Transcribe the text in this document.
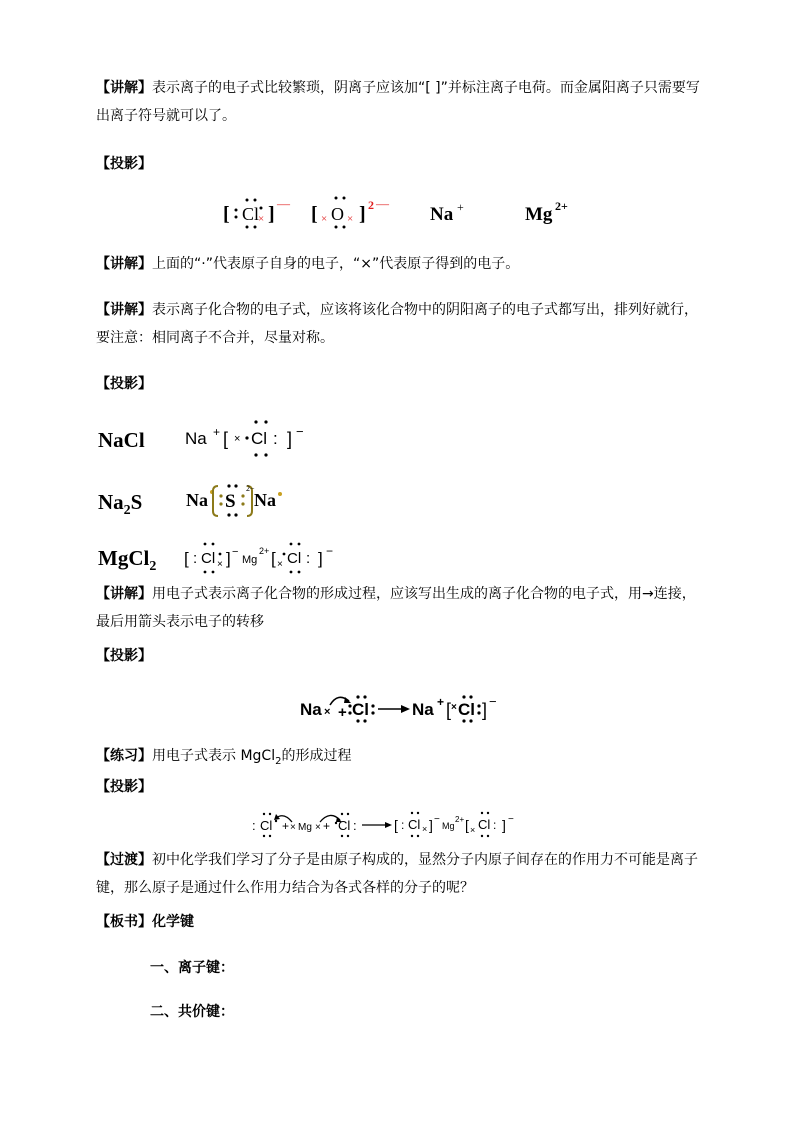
【讲解】表示离子的电子式比较繁琐，阴离子应该加“[ ]”并标注离子电荷。而金属阳离子只需要写出离子符号就可以了。
【投影】
[ Cl
× ] — [ × O × ] 2 —
Na +	Mg 2+
【讲解】上面的“·”代表原子自身的电子，“×”代表原子得到的电子。
【讲解】表示离子化合物的电子式，应该将该化合物中的阴阳离子的电子式都写出，排列好就行，要注意：相同离子不合并，尽量对称。
【投影】
NaCl
$Na_2S$
MgCl$_2$
Na + [ × Cl : ] −
Na S
2−
Na
[ : Cl × ] −
Mg
2+ [ × Cl : ] −
【讲解】用电子式表示离子化合物的形成过程，应该写出生成的离子化合物的电子式，用→连接，最后用箭头表示电子的转移
【投影】
Na × + Cl	Na + [ × Cl ] −
【练习】用电子式表示 MgCl$_2$的形成过程
【投影】
: Cl + × Mg × + Cl :	[ : Cl × ] −
Mg
2+ [ × Cl : ] −
【过渡】初中化学我们学习了分子是由原子构成的，显然分子内原子间存在的作用力不可能是离子键，那么原子是通过什么作用力结合为各式各样的分子的呢？
【板书】化学键
一、离子键：
二、共价键：
